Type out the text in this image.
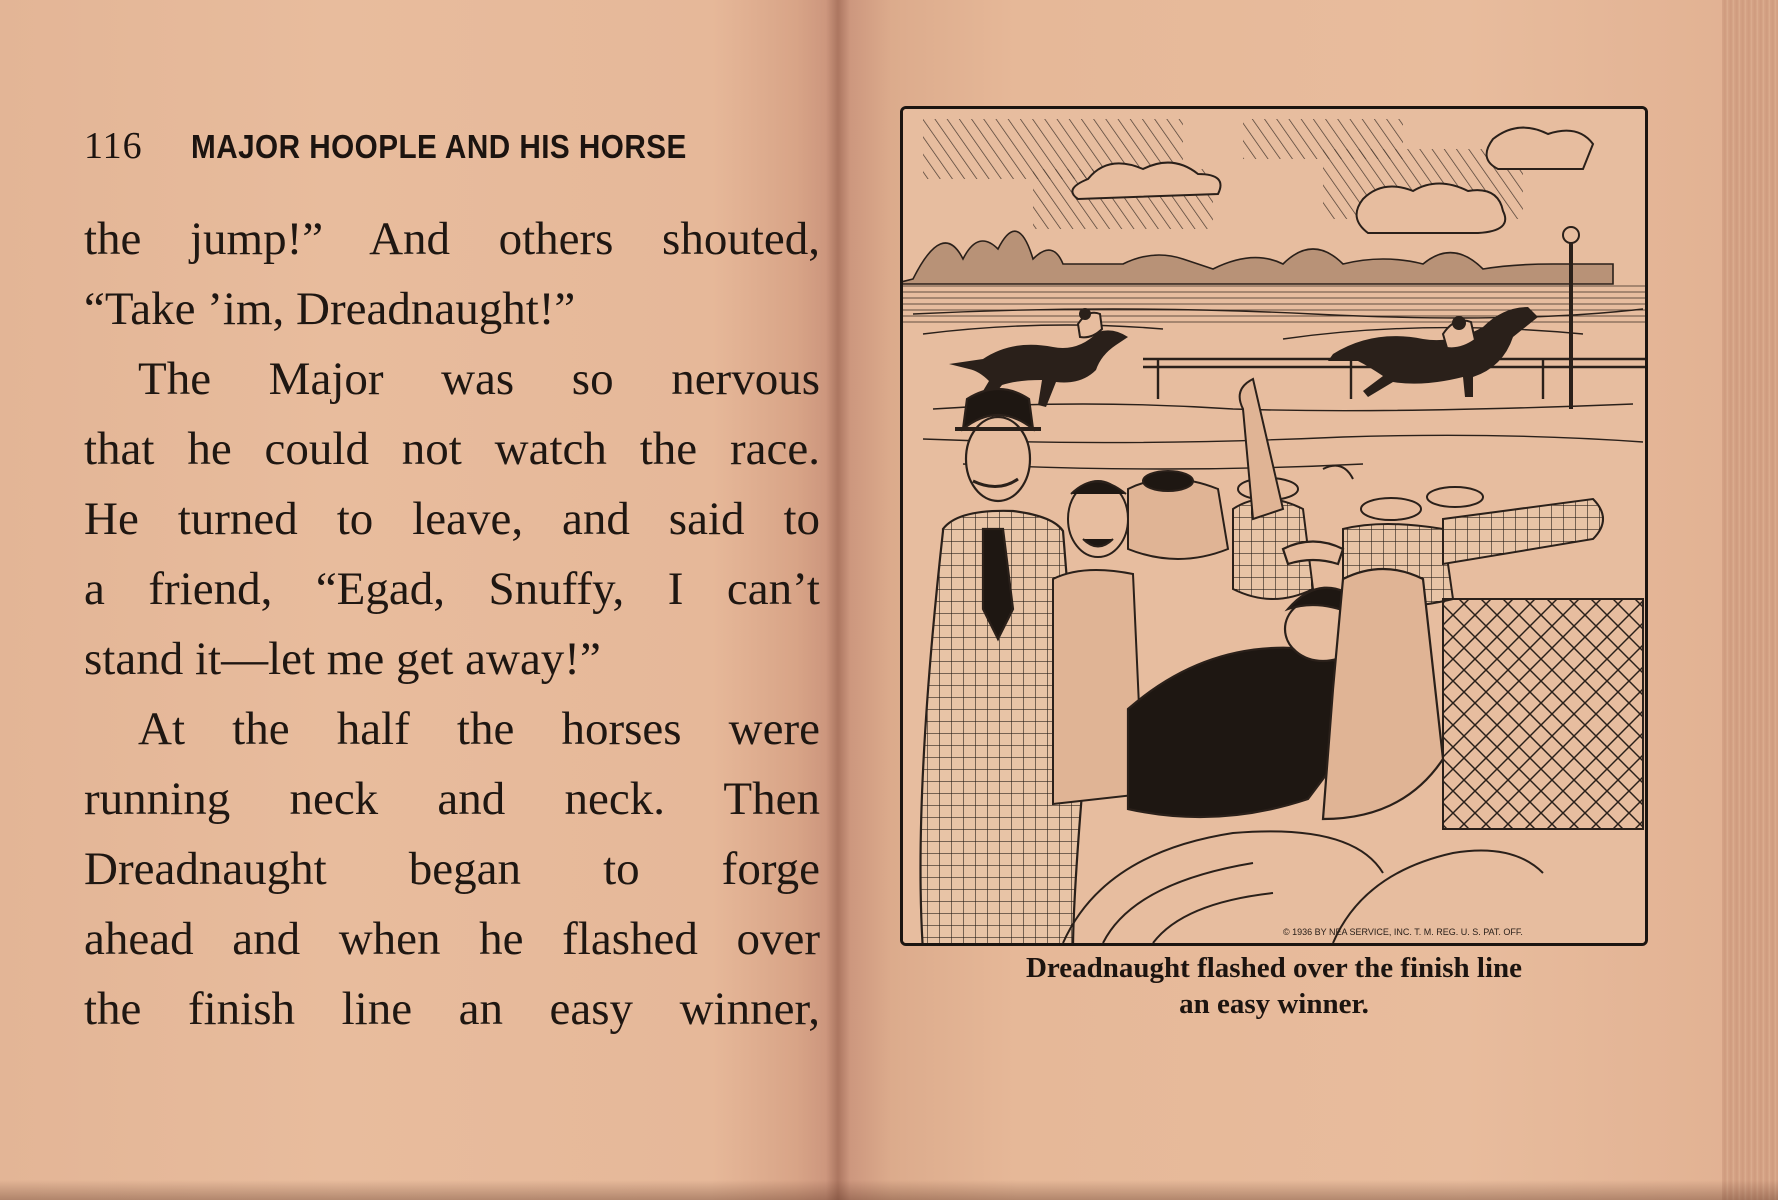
116 MAJOR HOOPLE AND HIS HORSE
the jump!” And others shouted,
“Take ’im, Dreadnaught!”
The Major was so nervous
that he could not watch the race.
He turned to leave, and said to
a friend, “Egad, Snuffy, I can’t
stand it—let me get away!”
At the half the horses were
running neck and neck. Then
Dreadnaught began to forge
ahead and when he flashed over
the finish line an easy winner,
© 1936 BY NEA SERVICE, INC. T. M. REG. U. S. PAT. OFF.
Dreadnaught flashed over the finish line
an easy winner.
